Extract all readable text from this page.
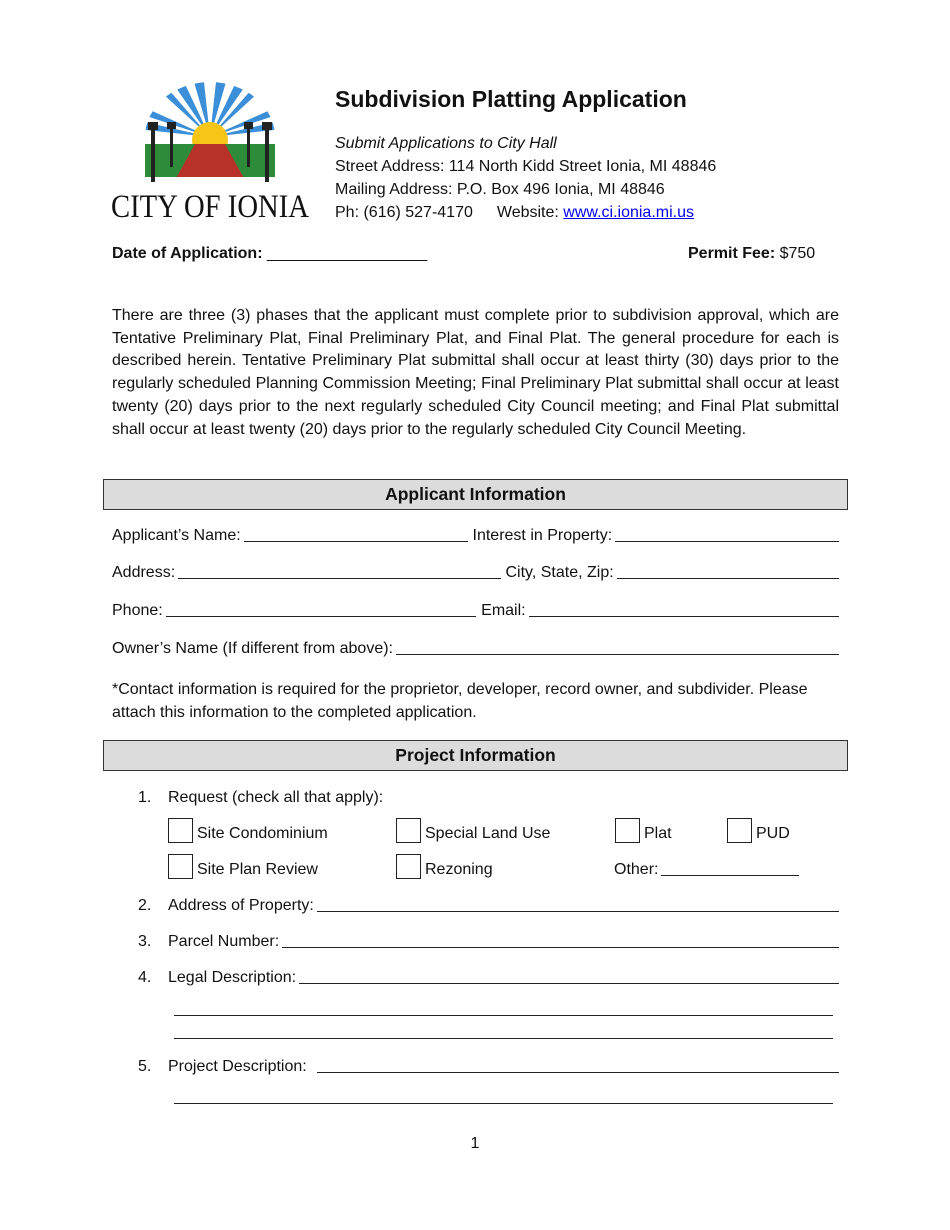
CITY OF IONIA
Subdivision Platting Application
Submit Applications to City Hall
Street Address: 114 North Kidd Street Ionia, MI 48846
Mailing Address: P.O. Box 496 Ionia, MI 48846
Ph: (616) 527-4170 Website: www.ci.ionia.mi.us
Date of Application: __________________	Permit Fee: $750
There are three (3) phases that the applicant must complete prior to subdivision approval, which are Tentative Preliminary Plat, Final Preliminary Plat, and Final Plat. The general procedure for each is described herein. Tentative Preliminary Plat submittal shall occur at least thirty (30) days prior to the regularly scheduled Planning Commission Meeting; Final Preliminary Plat submittal shall occur at least twenty (20) days prior to the next regularly scheduled City Council meeting; and Final Plat submittal shall occur at least twenty (20) days prior to the regularly scheduled City Council Meeting.
Applicant Information
Applicant’s Name:	Interest in Property:
Address:	City, State, Zip:
Phone:	Email:
Owner’s Name (If different from above):
*Contact information is required for the proprietor, developer, record owner, and subdivider. Please attach this information to the completed application.
Project Information
1.	Request (check all that apply):
Site Condominium	Special Land Use	Plat	PUD
Site Plan Review	Rezoning	Other:
2.	Address of Property:
3.	Parcel Number:
4.	Legal Description:
5.	Project Description:
1
